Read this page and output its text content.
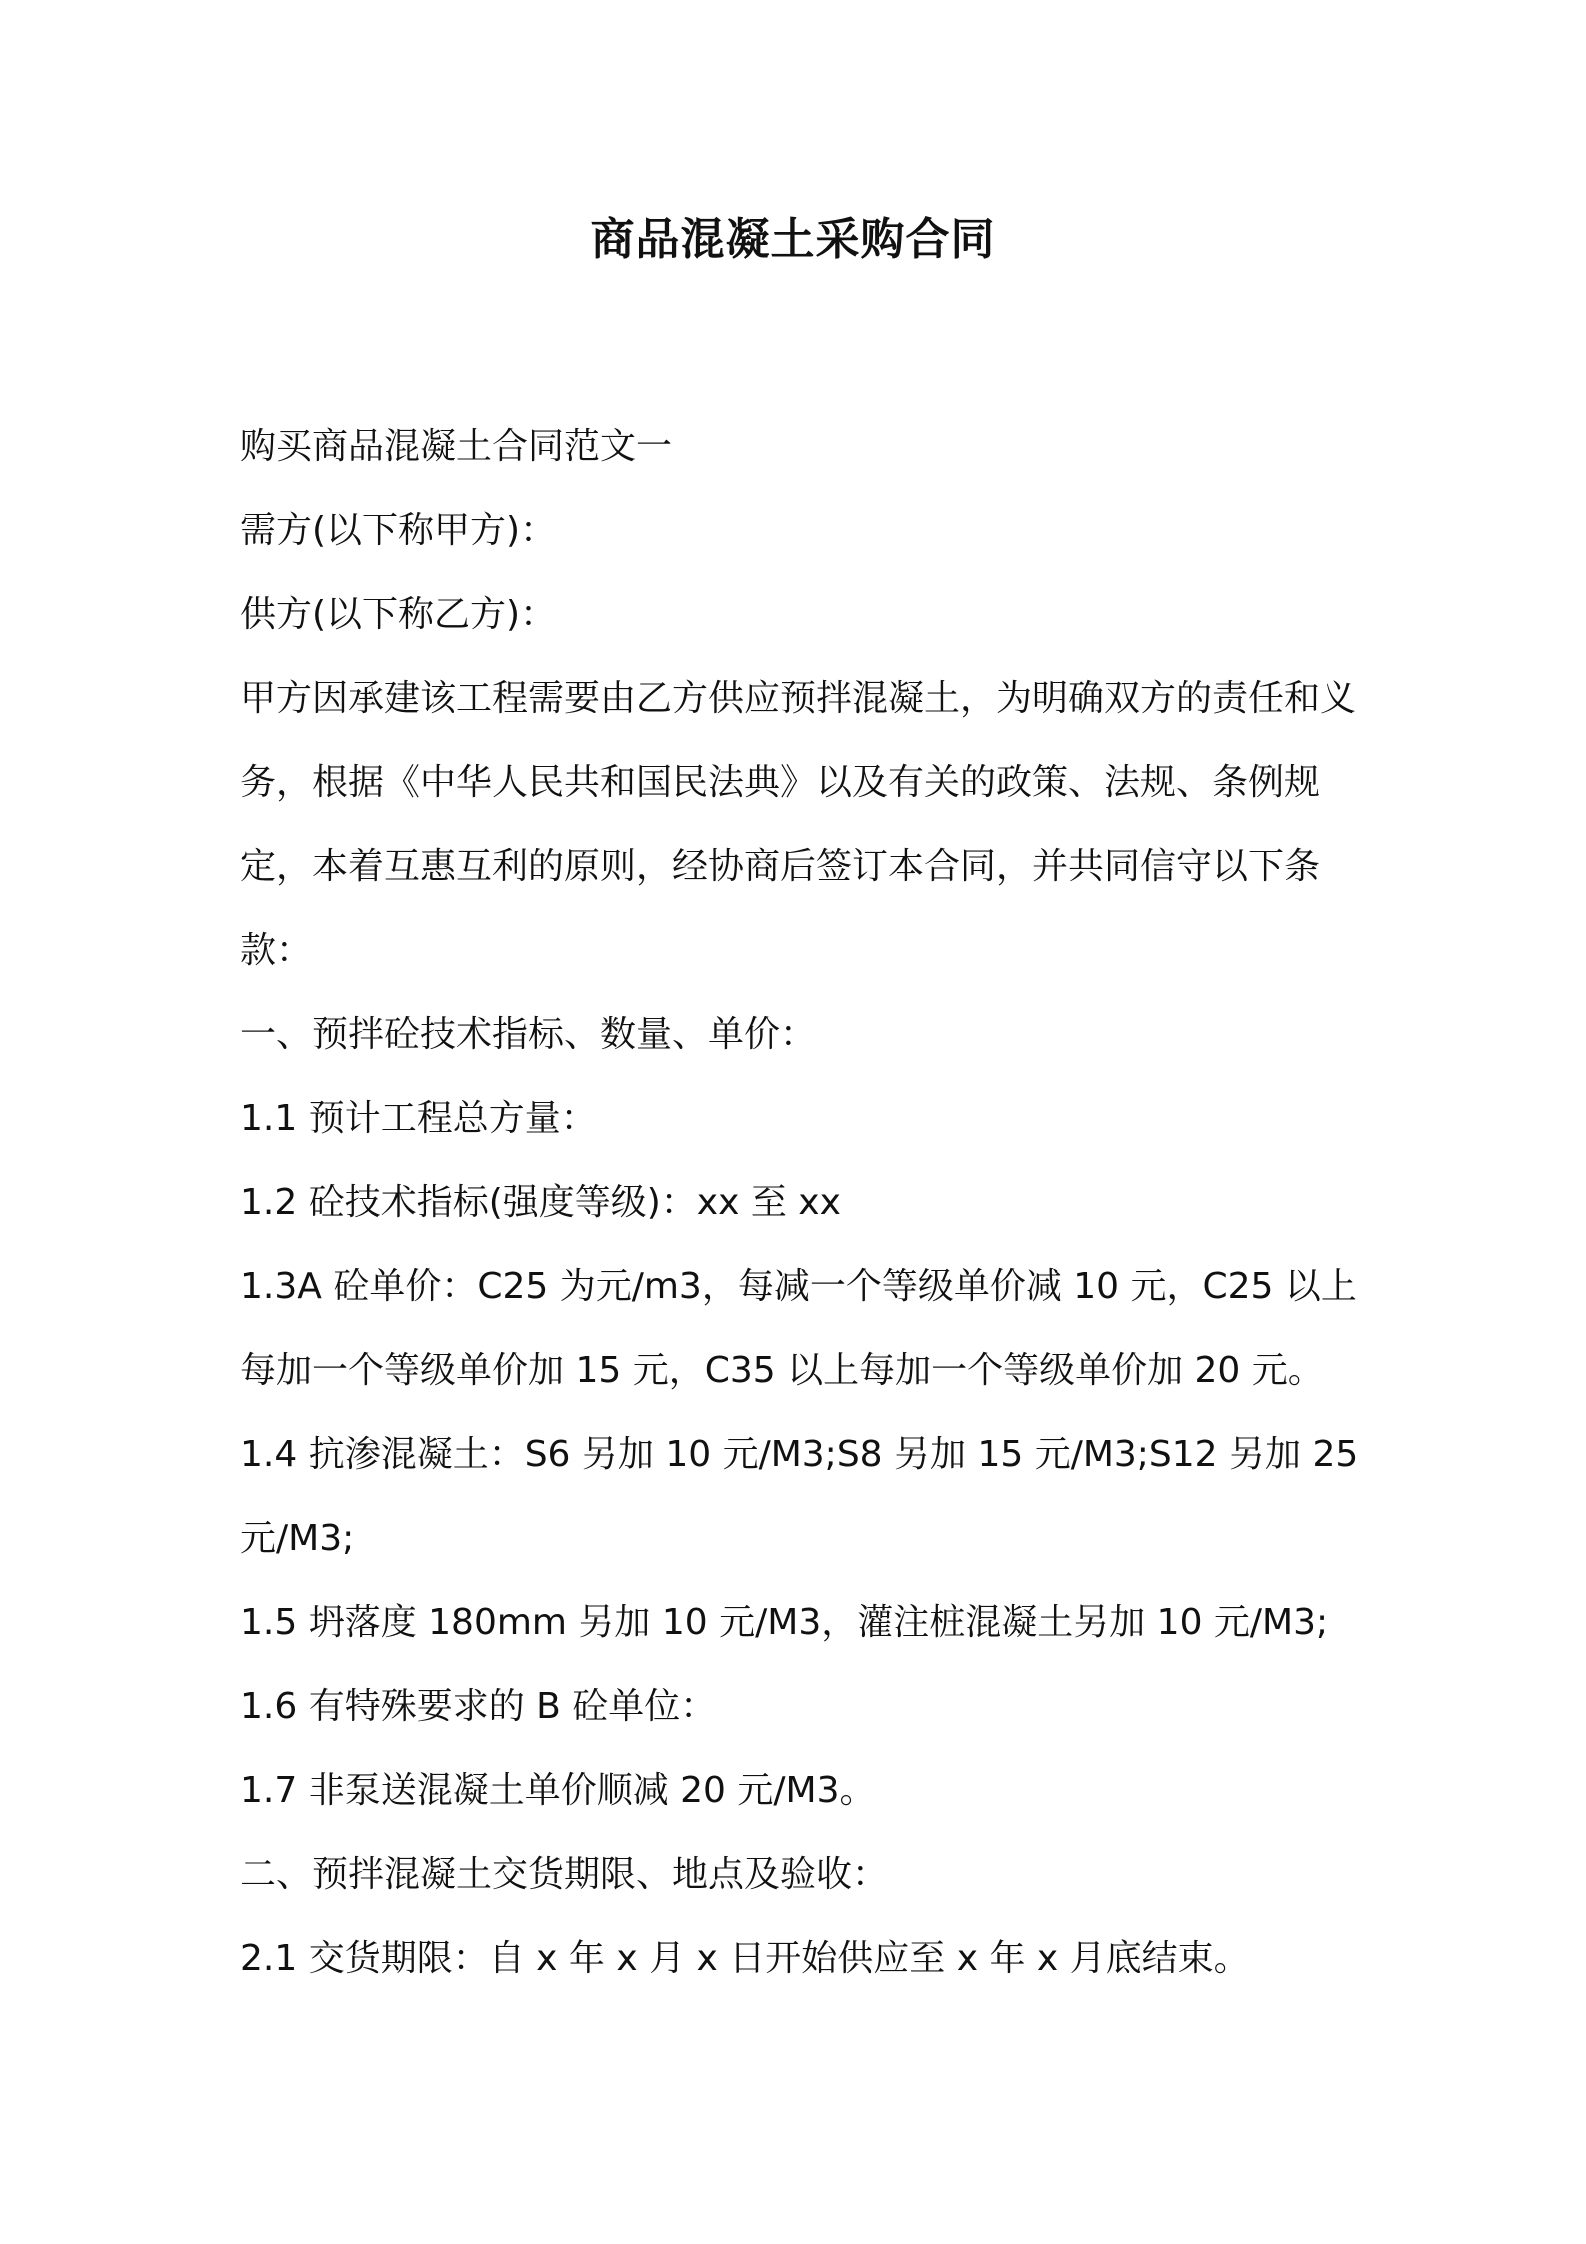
商品混凝土采购合同
购买商品混凝土合同范文一
需方(以下称甲方)：
供方(以下称乙方)：
甲方因承建该工程需要由乙方供应预拌混凝土，为明确双方的责任和义务，根据《中华人民共和国民法典》以及有关的政策、法规、条例规定，本着互惠互利的原则，经协商后签订本合同，并共同信守以下条款：
一、预拌砼技术指标、数量、单价：
1.1 预计工程总方量：
1.2 砼技术指标(强度等级)：xx 至 xx
1.3A 砼单价：C25 为元/m3，每减一个等级单价减 10 元，C25 以上每加一个等级单价加 15 元，C35 以上每加一个等级单价加 20 元。
1.4 抗渗混凝土：S6 另加 10 元/M3;S8 另加 15 元/M3;S12 另加 25 元/M3;
1.5 坍落度 180mm 另加 10 元/M3，灌注桩混凝土另加 10 元/M3;
1.6 有特殊要求的 B 砼单位：
1.7 非泵送混凝土单价顺减 20 元/M3。
二、预拌混凝土交货期限、地点及验收：
2.1 交货期限：自 x 年 x 月 x 日开始供应至 x 年 x 月底结束。
